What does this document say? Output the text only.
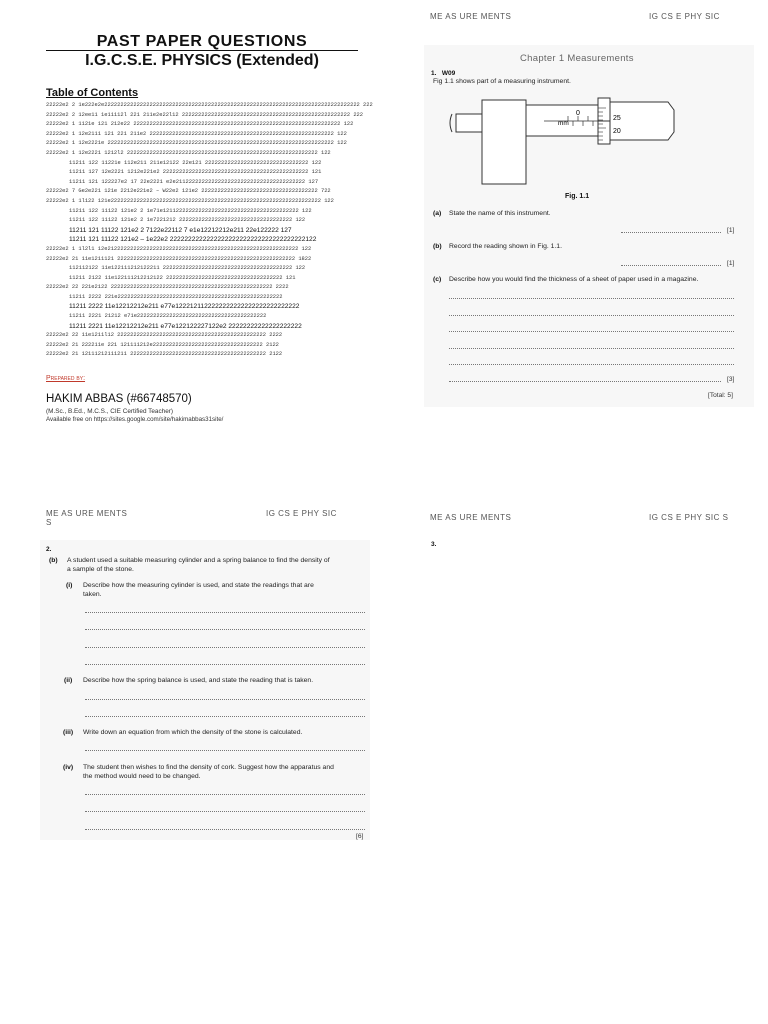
PAST PAPER QUESTIONS
I.G.C.S.E. PHYSICS (Extended)
Table of Contents
22222e2 2 1e222e2e2222222222222222222222222222222222222222222222222222222222222222222222222222222 222
22222e2 2 12ee11 1e11112l 221 211e2e22l12 2222222222222222222222222222222222222222222222222222 222
22222e2 1 1121e 121 212e22 2222222222222222222222222222222222222222222222222222222222222222 122
22222e2 1 12e2111 121 221 211e2 222222222222222222222222222222222222222222222222222222222 122
22222e2 1 12e2221e 2222222222222222222222222222222222222222222222222222222222222222222222 122
22222e2 1 12e2221 1212l2 22222222222222222222222222222222222222222222222222222222222 122
11211 122 11221e 112e211 211e12122 22e121 22222222222222222222222222222222 122
11211 127 12e2221 1212e221e2 222222222222222222222222222222222222222222222 121
11211 121 122227e2 17 22e2221 e2e2112222222222222222222222222222222222222 127
22222e2 7 Ge2e221 121e 2212e221e2 – W22e2 121e2 222222222222222222222222222222222222 722
22222e2 1 1l122 121e22222222222222222222222222222222222222222222222222222222222222222 122
11211 122 11122 121e2 2 1e71e121122222222222222222222222222222222222222 122
11211 122 11122 121e2 2 1e7221212 22222222222222222222222222222222222 122
11211 121 11122 121e2 2 7122e22112 7 e1e12212212e211 22e122222 127
11211 121 11122 121e2 – 1e22e2 2222222222222222222222222222222222222122
22222e2 1 1l2l1 12e21222222222222222222222222222222222222222222222222222222222 122
22222e2 21 11e1211121 2222222222222222222222222222222222222222222222222222222 1822
112112122 11e122111212122211 2222222222222222222222222222222222222222 122
11211 2122 11e122111212212122 222222222222222222222222222222222222 121
22222e2 22 221e2122 22222222222222222222222222222222222222222222222222 2222
11211 2222 221e222222222222222222222222222222222222222222222222222
11211 2222 11e12212212e211 e77e1222121122222222222222222222222222
11211 2221 21212 e71e2222222222222222222222222222222222222222
11211 2221 11e12212212e211 e77e122122227122e2 22222222222222222222
22222e2 22 11e1211l12 2222222222222222222222222222222222222222222222 2222
22222e2 21 222211e 221 121111212e2222222222222222222222222222222222 2122
22222e2 21 12111212111211 222222222222222222222222222222222222222222 2122
Prepared by:
HAKIM ABBAS (#66748570)
(M.Sc., B.Ed., M.C.S., CIE Certified Teacher)
Available free on https://sites.google.com/site/hakimabbas31site/
ME AS URE MENTS	IG CS E PHY SIC
Chapter 1 Measurements
1. W09
Fig 1.1 shows part of a measuring instrument.
0
mm
25
20
Fig. 1.1
(a) State the name of this instrument.
[1]
(b) Record the reading shown in Fig. 1.1.
[1]
(c) Describe how you would find the thickness of a sheet of paper used in a magazine.
[3]
[Total: 5]
ME AS URE MENTS	IG CS E PHY SIC
S
2.
(b) A student used a suitable measuring cylinder and a spring balance to find the density of
a sample of the stone.
(i) Describe how the measuring cylinder is used, and state the readings that are
taken.
(ii) Describe how the spring balance is used, and state the reading that is taken.
(iii) Write down an equation from which the density of the stone is calculated.
(iv) The student then wishes to find the density of cork. Suggest how the apparatus and
the method would need to be changed.
[6]
ME AS URE MENTS	IG CS E PHY SIC S
3.
